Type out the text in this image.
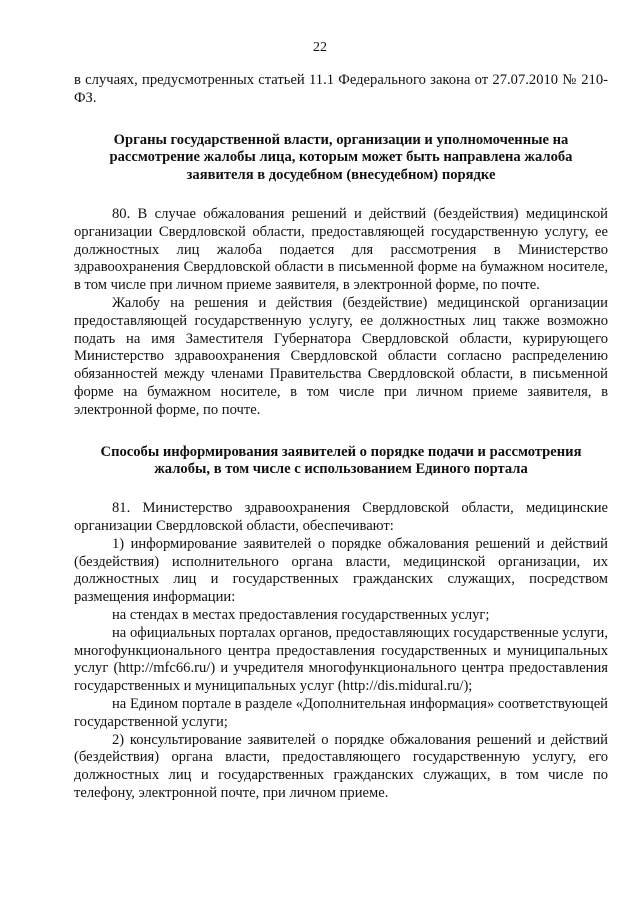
22

в случаях, предусмотренных статьей 11.1 Федерального закона от 27.07.2010 № 210-ФЗ.

Органы государственной власти, организации и уполномоченные на рассмотрение жалобы лица, которым может быть направлена жалоба заявителя в досудебном (внесудебном) порядке

80. В случае обжалования решений и действий (бездействия) медицинской организации Свердловской области, предоставляющей государственную услугу, ее должностных лиц жалоба подается для рассмотрения в Министерство здравоохранения Свердловской области в письменной форме на бумажном носителе, в том числе при личном приеме заявителя, в электронной форме, по почте.

Жалобу на решения и действия (бездействие) медицинской организации предоставляющей государственную услугу, ее должностных лиц также возможно подать на имя Заместителя Губернатора Свердловской области, курирующего Министерство здравоохранения Свердловской области согласно распределению обязанностей между членами Правительства Свердловской области, в письменной форме на бумажном носителе, в том числе при личном приеме заявителя, в электронной форме, по почте.

Способы информирования заявителей о порядке подачи и рассмотрения жалобы, в том числе с использованием Единого портала

81. Министерство здравоохранения Свердловской области, медицинские организации Свердловской области, обеспечивают:

1) информирование заявителей о порядке обжалования решений и действий (бездействия) исполнительного органа власти, медицинской организации, их должностных лиц и государственных гражданских служащих, посредством размещения информации:

на стендах в местах предоставления государственных услуг;

на официальных порталах органов, предоставляющих государственные услуги, многофункционального центра предоставления государственных и муниципальных услуг (http://mfc66.ru/) и учредителя многофункционального центра предоставления государственных и муниципальных услуг (http://dis.midural.ru/);

на Едином портале в разделе «Дополнительная информация» соответствующей государственной услуги;

2) консультирование заявителей о порядке обжалования решений и действий (бездействия) органа власти, предоставляющего государственную услугу, его должностных лиц и государственных гражданских служащих, в том числе по телефону, электронной почте, при личном приеме.
